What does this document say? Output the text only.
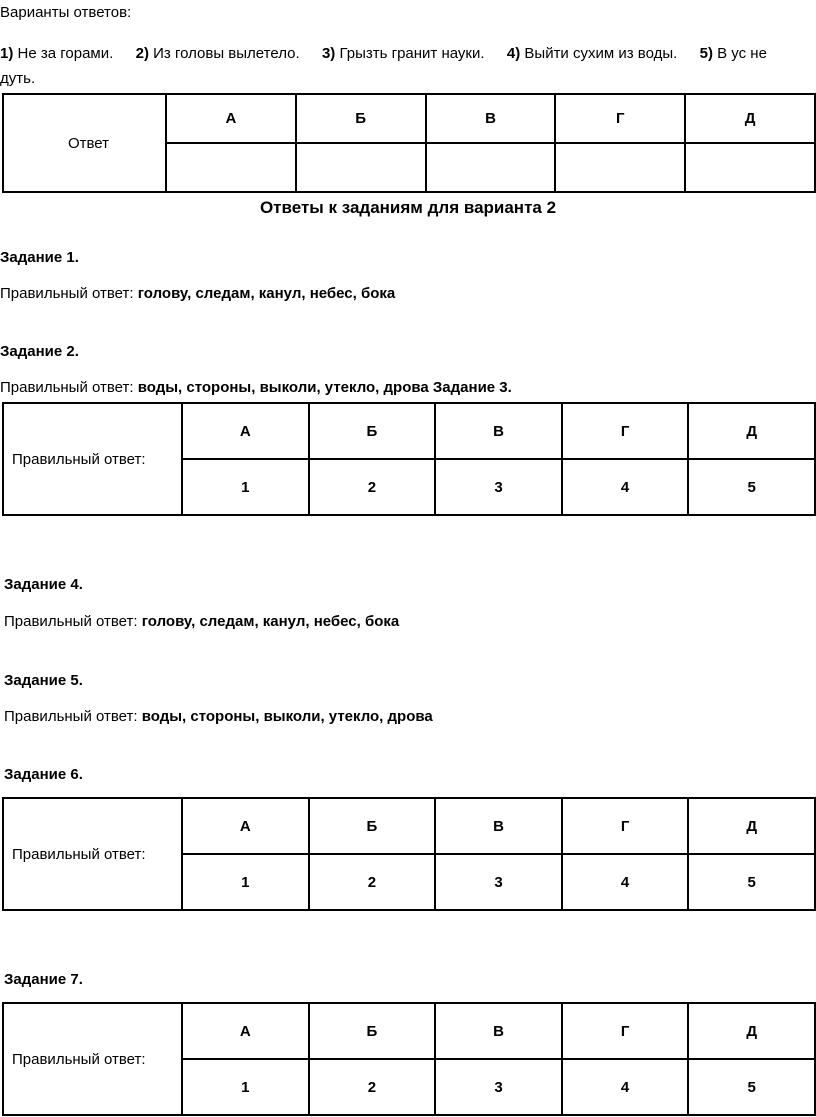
Варианты ответов:
1) Не за горами. 2) Из головы вылетело. 3) Грызть гранит науки. 4) Выйти сухим из воды. 5) В ус не
дуть.
Ответ	А	Б	В	Г	Д

Ответы к заданиям для варианта 2
Задание 1.
Правильный ответ: голову, следам, канул, небес, бока
Задание 2.
Правильный ответ: воды, стороны, выколи, утекло, дрова Задание 3.
Правильный ответ:	А	Б	В	Г	Д
	1	2	3	4	5
Задание 4.
Правильный ответ: голову, следам, канул, небес, бока
Задание 5.
Правильный ответ: воды, стороны, выколи, утекло, дрова
Задание 6.
Правильный ответ:	А	Б	В	Г	Д
	1	2	3	4	5
Задание 7.
Правильный ответ:	А	Б	В	Г	Д
	1	2	3	4	5
